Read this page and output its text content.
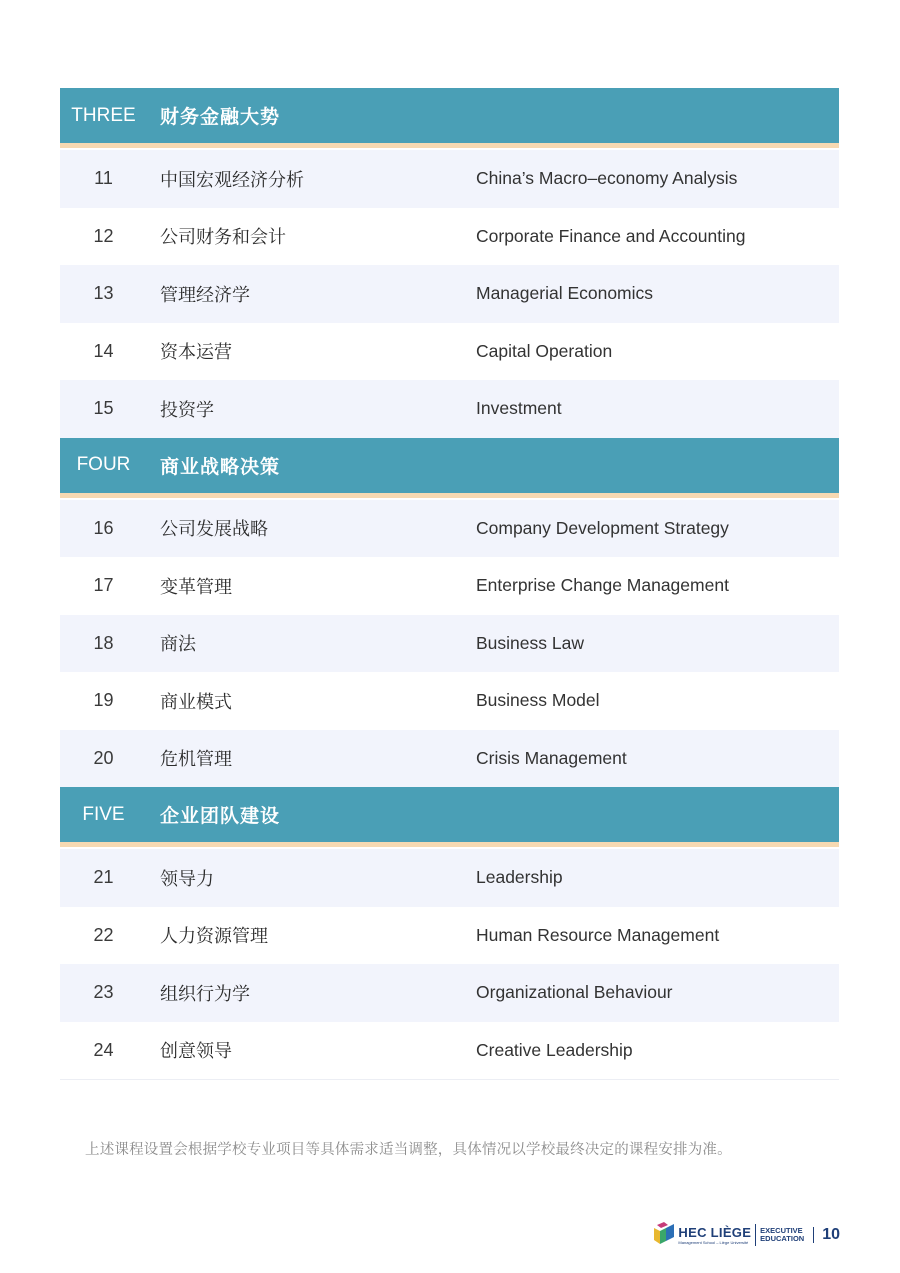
THREE	财务金融大势
11	中国宏观经济分析	China’s Macro–economy Analysis
12	公司财务和会计	Corporate Finance and Accounting
13	管理经济学	Managerial Economics
14	资本运营	Capital Operation
15	投资学	Investment
FOUR	商业战略决策
16	公司发展战略	Company Development Strategy
17	变革管理	Enterprise Change Management
18	商法	Business Law
19	商业模式	Business Model
20	危机管理	Crisis Management
FIVE	企业团队建设
21	领导力	Leadership
22	人力资源管理	Human Resource Management
23	组织行为学	Organizational Behaviour
24	创意领导	Creative Leadership
上述课程设置会根据学校专业项目等具体需求适当调整，具体情况以学校最终决定的课程安排为准。
HEC LIÈGE
Management School – Liège Université
EXECUTIVE
EDUCATION 10
